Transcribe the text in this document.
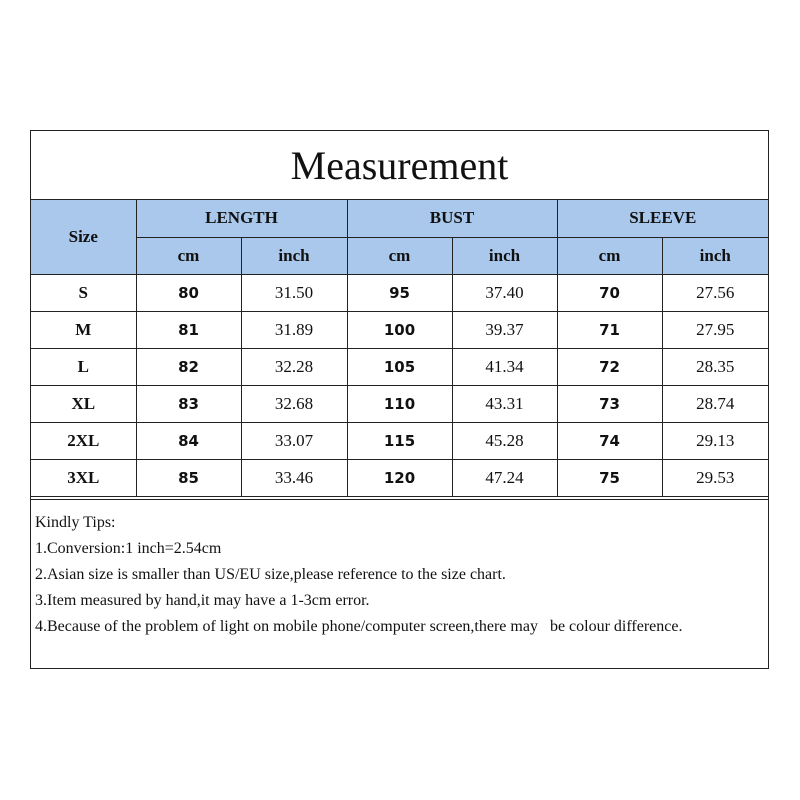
Measurement
Size	LENGTH		BUST		SLEEVE	
	cm	inch	cm	inch	cm	inch
S	80	31.50	95	37.40	70	27.56
M	81	31.89	100	39.37	71	27.95
L	82	32.28	105	41.34	72	28.35
XL	83	32.68	110	43.31	73	28.74
2XL	84	33.07	115	45.28	74	29.13
3XL	85	33.46	120	47.24	75	29.53
Kindly Tips:
1.Conversion:1 inch=2.54cm
2.Asian size is smaller than US/EU size,please reference to the size chart.
3.Item measured by hand,it may have a 1-3cm error.
4.Because of the problem of light on mobile phone/computer screen,there may   be colour difference.
